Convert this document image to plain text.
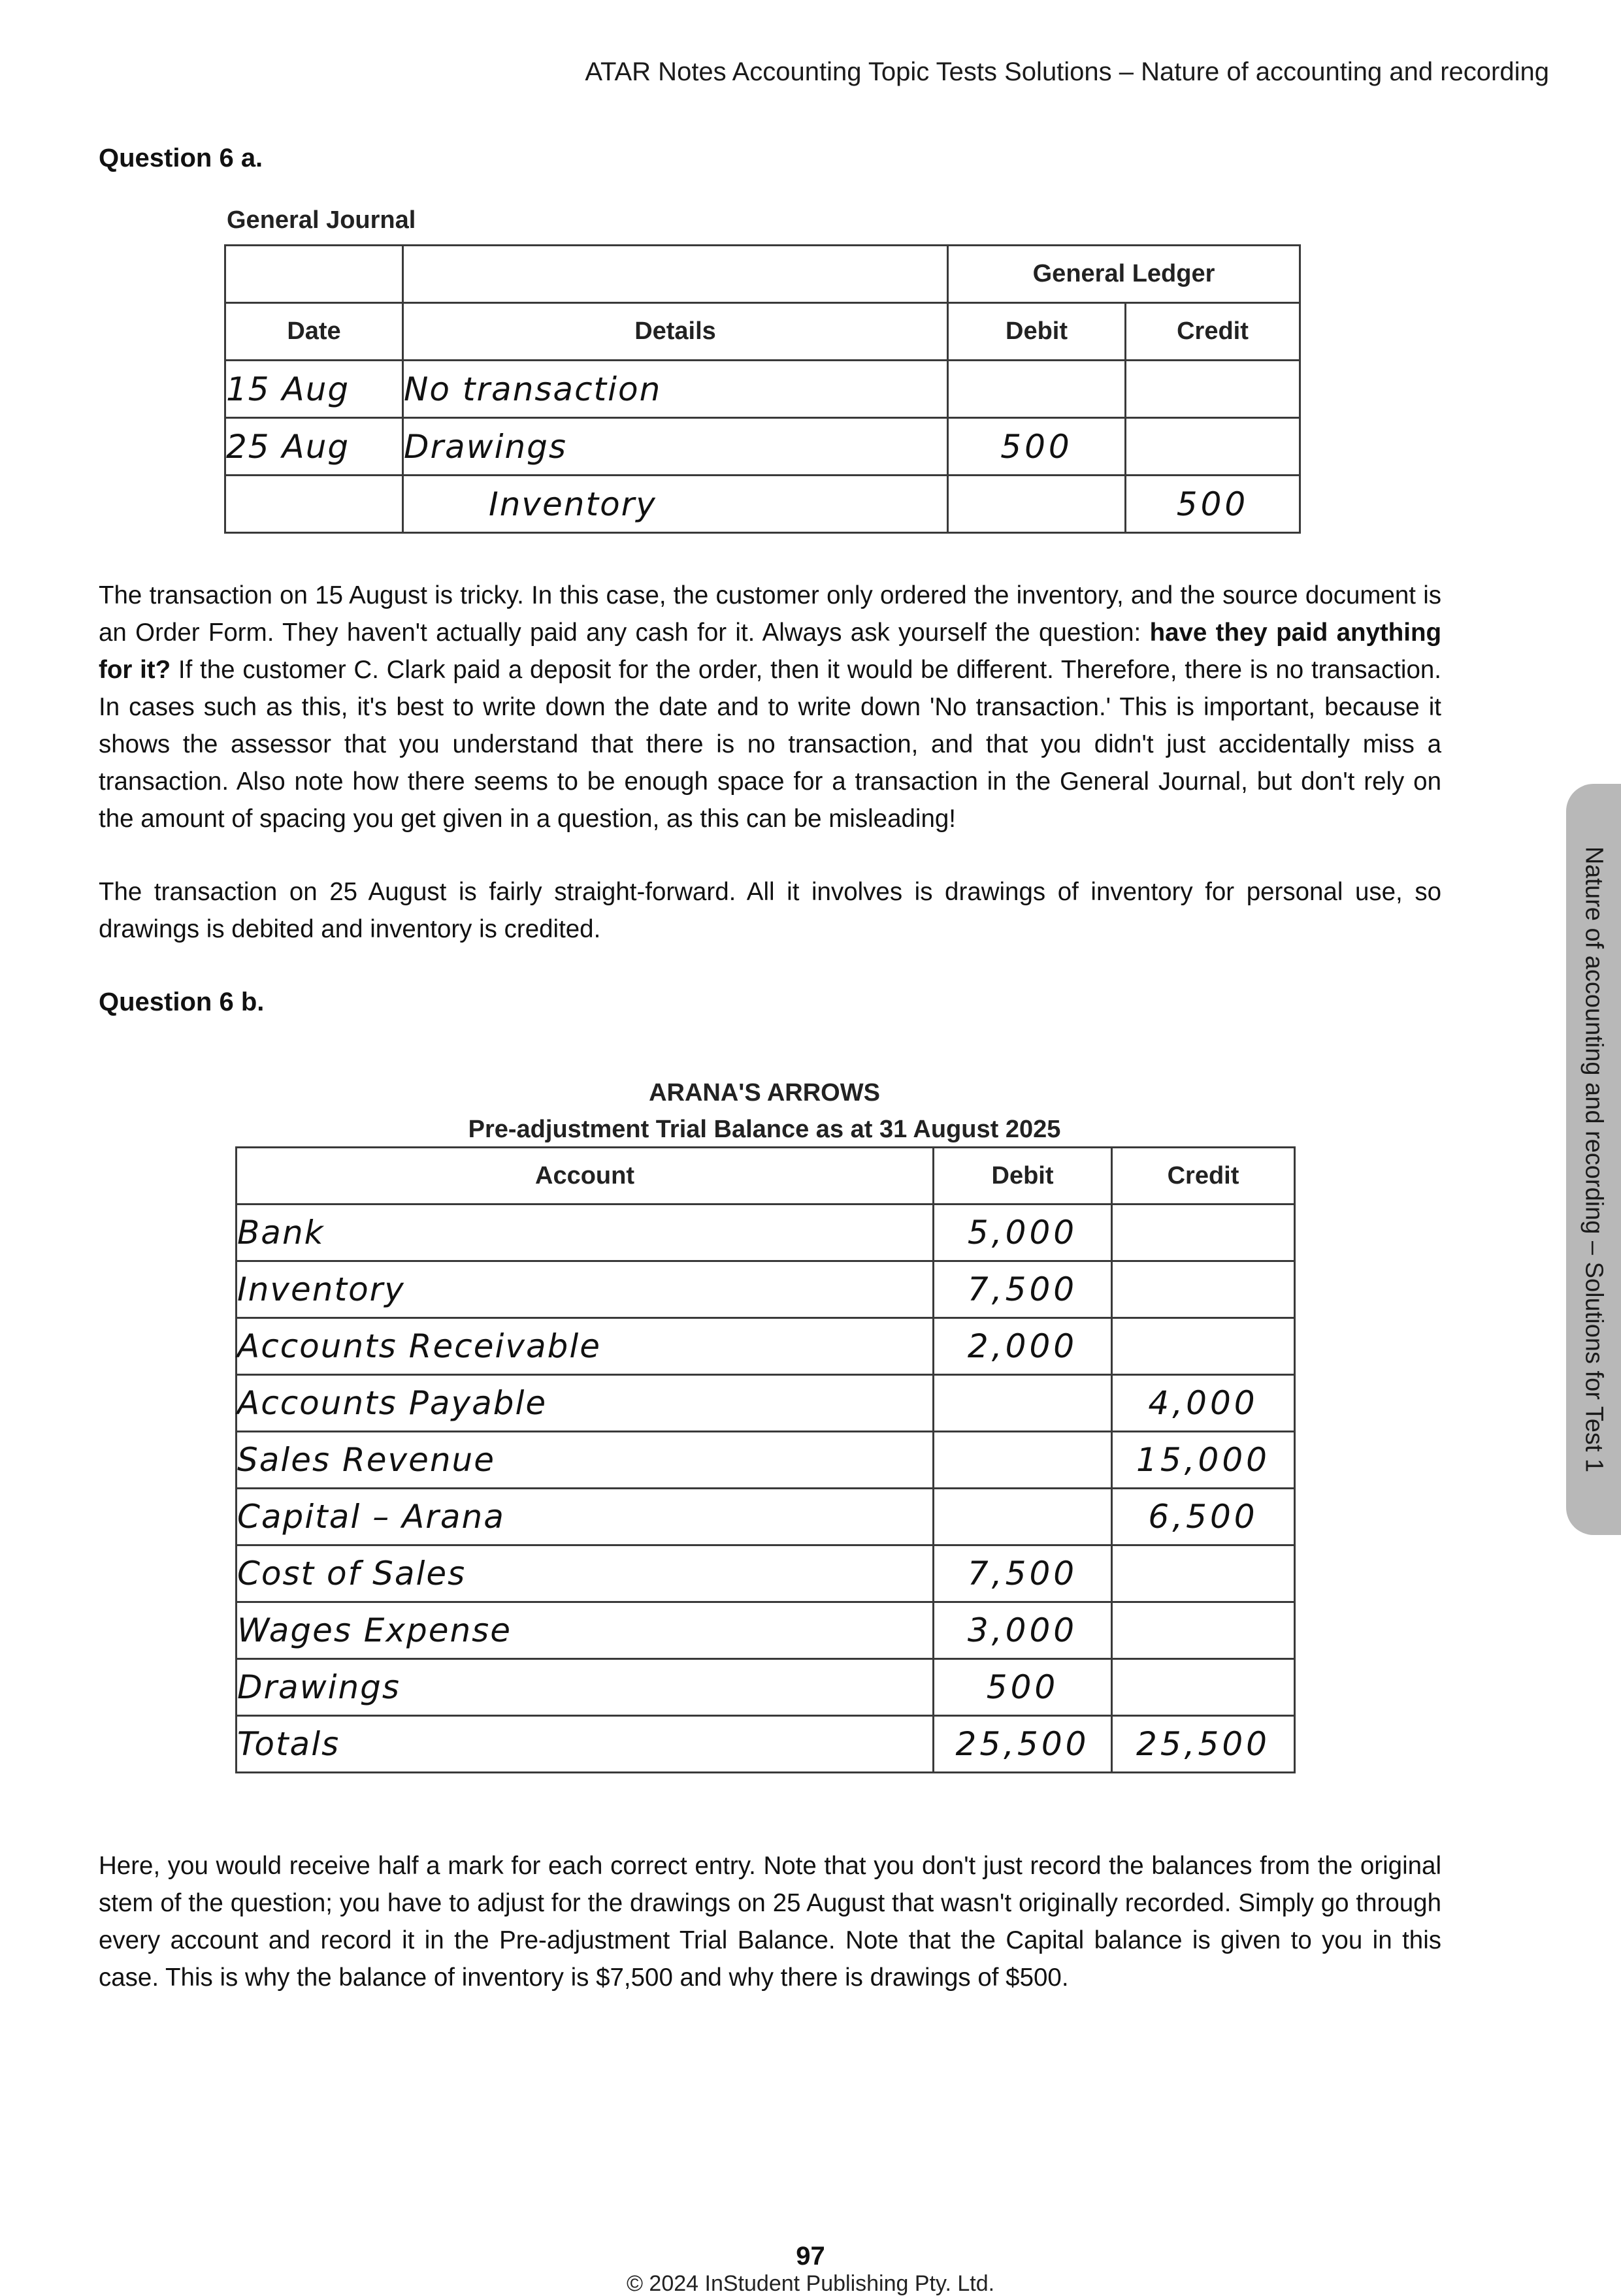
ATAR Notes Accounting Topic Tests Solutions – Nature of accounting and recording
Question 6 a.
General Journal
		General Ledger	
Date	Details	Debit	Credit
15 Aug	No transaction		
25 Aug	Drawings	500	
	Inventory		500
The transaction on 15 August is tricky. In this case, the customer only ordered the inventory, and the source document is an Order Form. They haven't actually paid any cash for it. Always ask yourself the question: have they paid anything for it? If the customer C. Clark paid a deposit for the order, then it would be different. Therefore, there is no transaction. In cases such as this, it's best to write down the date and to write down 'No transaction.' This is important, because it shows the assessor that you understand that there is no transaction, and that you didn't just accidentally miss a transaction. Also note how there seems to be enough space for a transaction in the General Journal, but don't rely on the amount of spacing you get given in a question, as this can be misleading!
The transaction on 25 August is fairly straight-forward. All it involves is drawings of inventory for personal use, so drawings is debited and inventory is credited.
Question 6 b.
ARANA'S ARROWS
Pre-adjustment Trial Balance as at 31 August 2025
Account	Debit	Credit
Bank	5,000	
Inventory	7,500	
Accounts Receivable	2,000	
Accounts Payable		4,000
Sales Revenue		15,000
Capital – Arana		6,500
Cost of Sales	7,500	
Wages Expense	3,000	
Drawings	500	
Totals	25,500	25,500
Here, you would receive half a mark for each correct entry. Note that you don't just record the balances from the original stem of the question; you have to adjust for the drawings on 25 August that wasn't originally recorded. Simply go through every account and record it in the Pre-adjustment Trial Balance. Note that the Capital balance is given to you in this case. This is why the balance of inventory is $7,500 and why there is drawings of $500.
Nature of accounting and recording – Solutions for Test 1
97
© 2024 InStudent Publishing Pty. Ltd.
